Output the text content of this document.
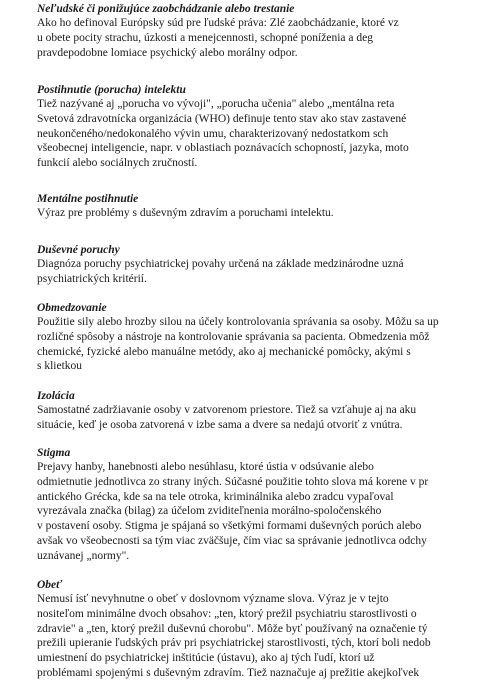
Neľudské či ponižujúce zaobchádzanie alebo trestanie
Ako ho definoval Európsky súd pre ľudské práva: Zlé zaobchádzanie, ktoré vz
u obete pocity strachu, úzkosti a menejcennosti, schopné poníženia a deg
pravdepodobne lomiace psychický alebo morálny odpor.
Postihnutie (porucha) intelektu
Tiež nazývané aj „porucha vo vývoji", „porucha učenia" alebo „mentálna reta
Svetová zdravotnícka organizácia (WHO) definuje tento stav ako stav zastavené
neukončeného/nedokonalého vývin umu, charakterizovaný nedostatkom sch
všeobecnej inteligencie, napr. v oblastiach poznávacích schopností, jazyka, moto
funkcií alebo sociálnych zručností.
Mentálne postihnutie
Výraz pre problémy s duševným zdravím a poruchami intelektu.
Duševné poruchy
Diagnóza poruchy psychiatrickej povahy určená na základe medzinárodne uzná
psychiatrických kritérií.
Obmedzovanie
Použitie sily alebo hrozby silou na účely kontrolovania správania sa osoby. Môžu sa up
rozličné spôsoby a nástroje na kontrolovanie správania sa pacienta. Obmedzenia môž
chemické, fyzické alebo manuálne metódy, ako aj mechanické pomôcky, akými s
s klietkou
Izolácia
Samostatné zadržiavanie osoby v zatvorenom priestore. Tiež sa vzťahuje aj na aku
situácie, keď je osoba zatvorená v izbe sama a dvere sa nedajú otvoriť z vnútra.
Stigma
Prejavy hanby, hanebnosti alebo nesúhlasu, ktoré ústia v odsúvanie alebo
odmietnutie jednotlivca zo strany iných. Súčasné použitie tohto slova má korene v pr
antického Grécka, kde sa na tele otroka, kriminálnika alebo zradcu vypaľoval
vyrezávala značka (bilag) za účelom zviditeľnenia morálno-spoločenského
v postavení osoby. Stigma je spájaná so všetkými formami duševných porúch alebo
avšak vo všeobecnosti sa tým viac zväčšuje, čím viac sa správanie jednotlivca odchy
uznávanej „normy".
Obeť
Nemusí ísť nevyhnutne o obeť v doslovnom význame slova. Výraz je v tejto
nositeľom minimálne dvoch obsahov: „ten, ktorý prežil psychiatriu starostlivosti o
zdravie" a „ten, ktorý prežil duševnú chorobu". Môže byť používaný na označenie tý
prežili upieranie ľudských práv pri psychiatrickej starostlivosti, tých, ktorí boli nedob
umiestnení do psychiatrickej inštitúcie (ústavu), ako aj tých ľudí, ktorí už
problémami spojenými s duševným zdravím. Tiež naznačuje aj prežitie akejkoľvek
